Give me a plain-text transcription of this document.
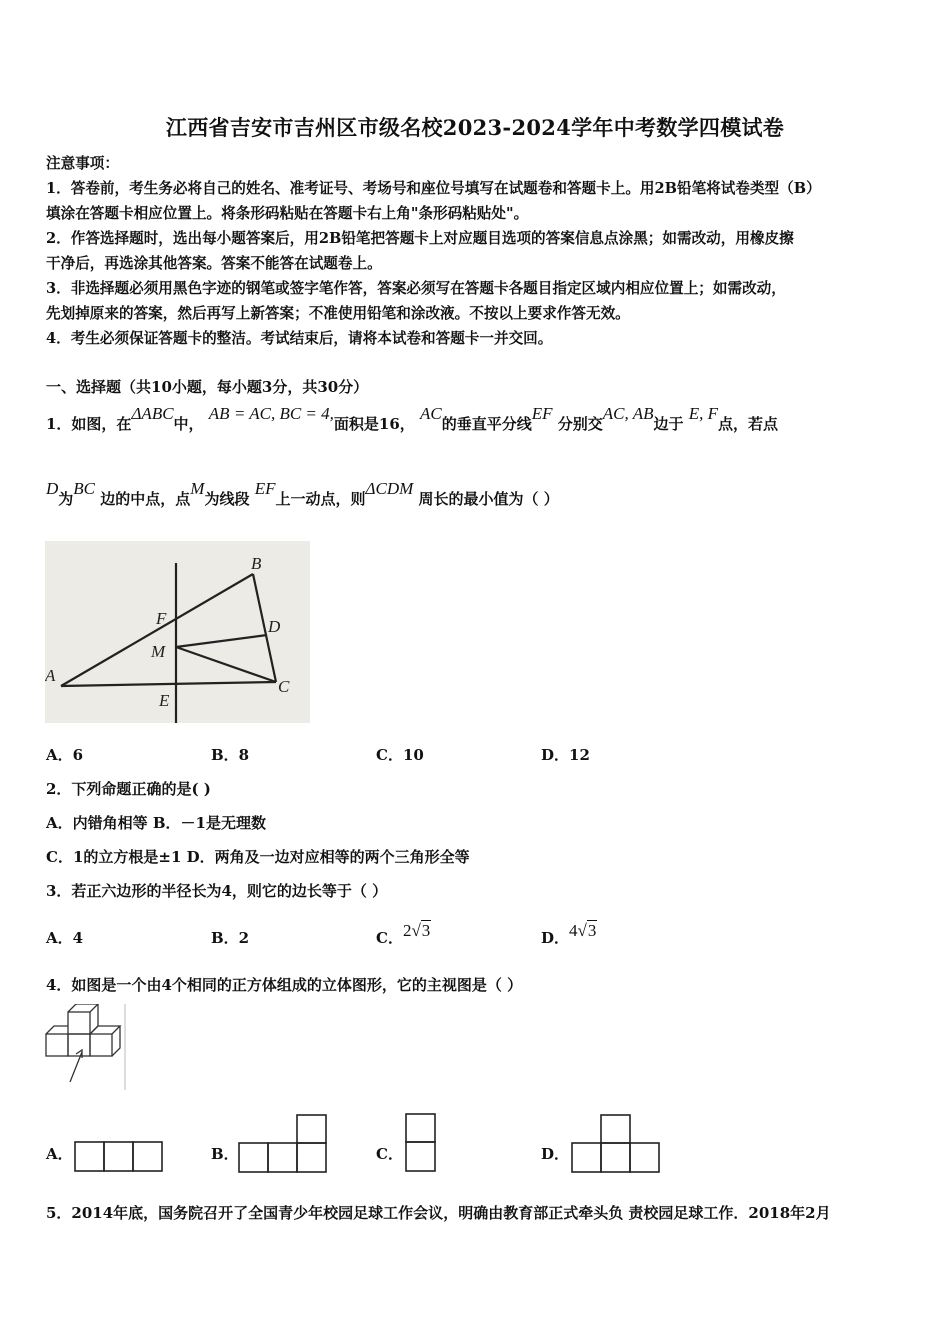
江西省吉安市吉州区市级名校2023-2024学年中考数学四模试卷
注意事项：
1．答卷前，考生务必将自己的姓名、准考证号、考场号和座位号填写在试题卷和答题卡上。用2B铅笔将试卷类型（B）
填涂在答题卡相应位置上。将条形码粘贴在答题卡右上角"条形码粘贴处"。
2．作答选择题时，选出每小题答案后，用2B铅笔把答题卡上对应题目选项的答案信息点涂黑；如需改动，用橡皮擦
干净后，再选涂其他答案。答案不能答在试题卷上。
3．非选择题必须用黑色字迹的钢笔或签字笔作答，答案必须写在答题卡各题目指定区域内相应位置上；如需改动，
先划掉原来的答案，然后再写上新答案；不准使用铅笔和涂改液。不按以上要求作答无效。
4．考生必须保证答题卡的整洁。考试结束后，请将本试卷和答题卡一并交回。
一、选择题（共10小题，每小题3分，共30分）
1．如图，在ΔABC中， AB = AC, BC = 4,面积是16， AC的垂直平分线EF 分别交AC, AB边于 E, F点，若点
D为BC 边的中点，点M为线段 EF上一动点，则ΔCDM 周长的最小值为（ ）
B
F	D
M
A
E
C
A．6	B．8	C．10	D．12
2．下列命题正确的是( )
A．内错角相等 B．－1是无理数
C．1的立方根是±1 D．两角及一边对应相等的两个三角形全等
3．若正六边形的半径长为4，则它的边长等于（ ）
A．4	B．2	C．2√3	D．4√3
4．如图是一个由4个相同的正方体组成的立体图形，它的主视图是（ ）
A．	B．	C．	D．
5．2014年底，国务院召开了全国青少年校园足球工作会议，明确由教育部正式牵头负 责校园足球工作．2018年2月
